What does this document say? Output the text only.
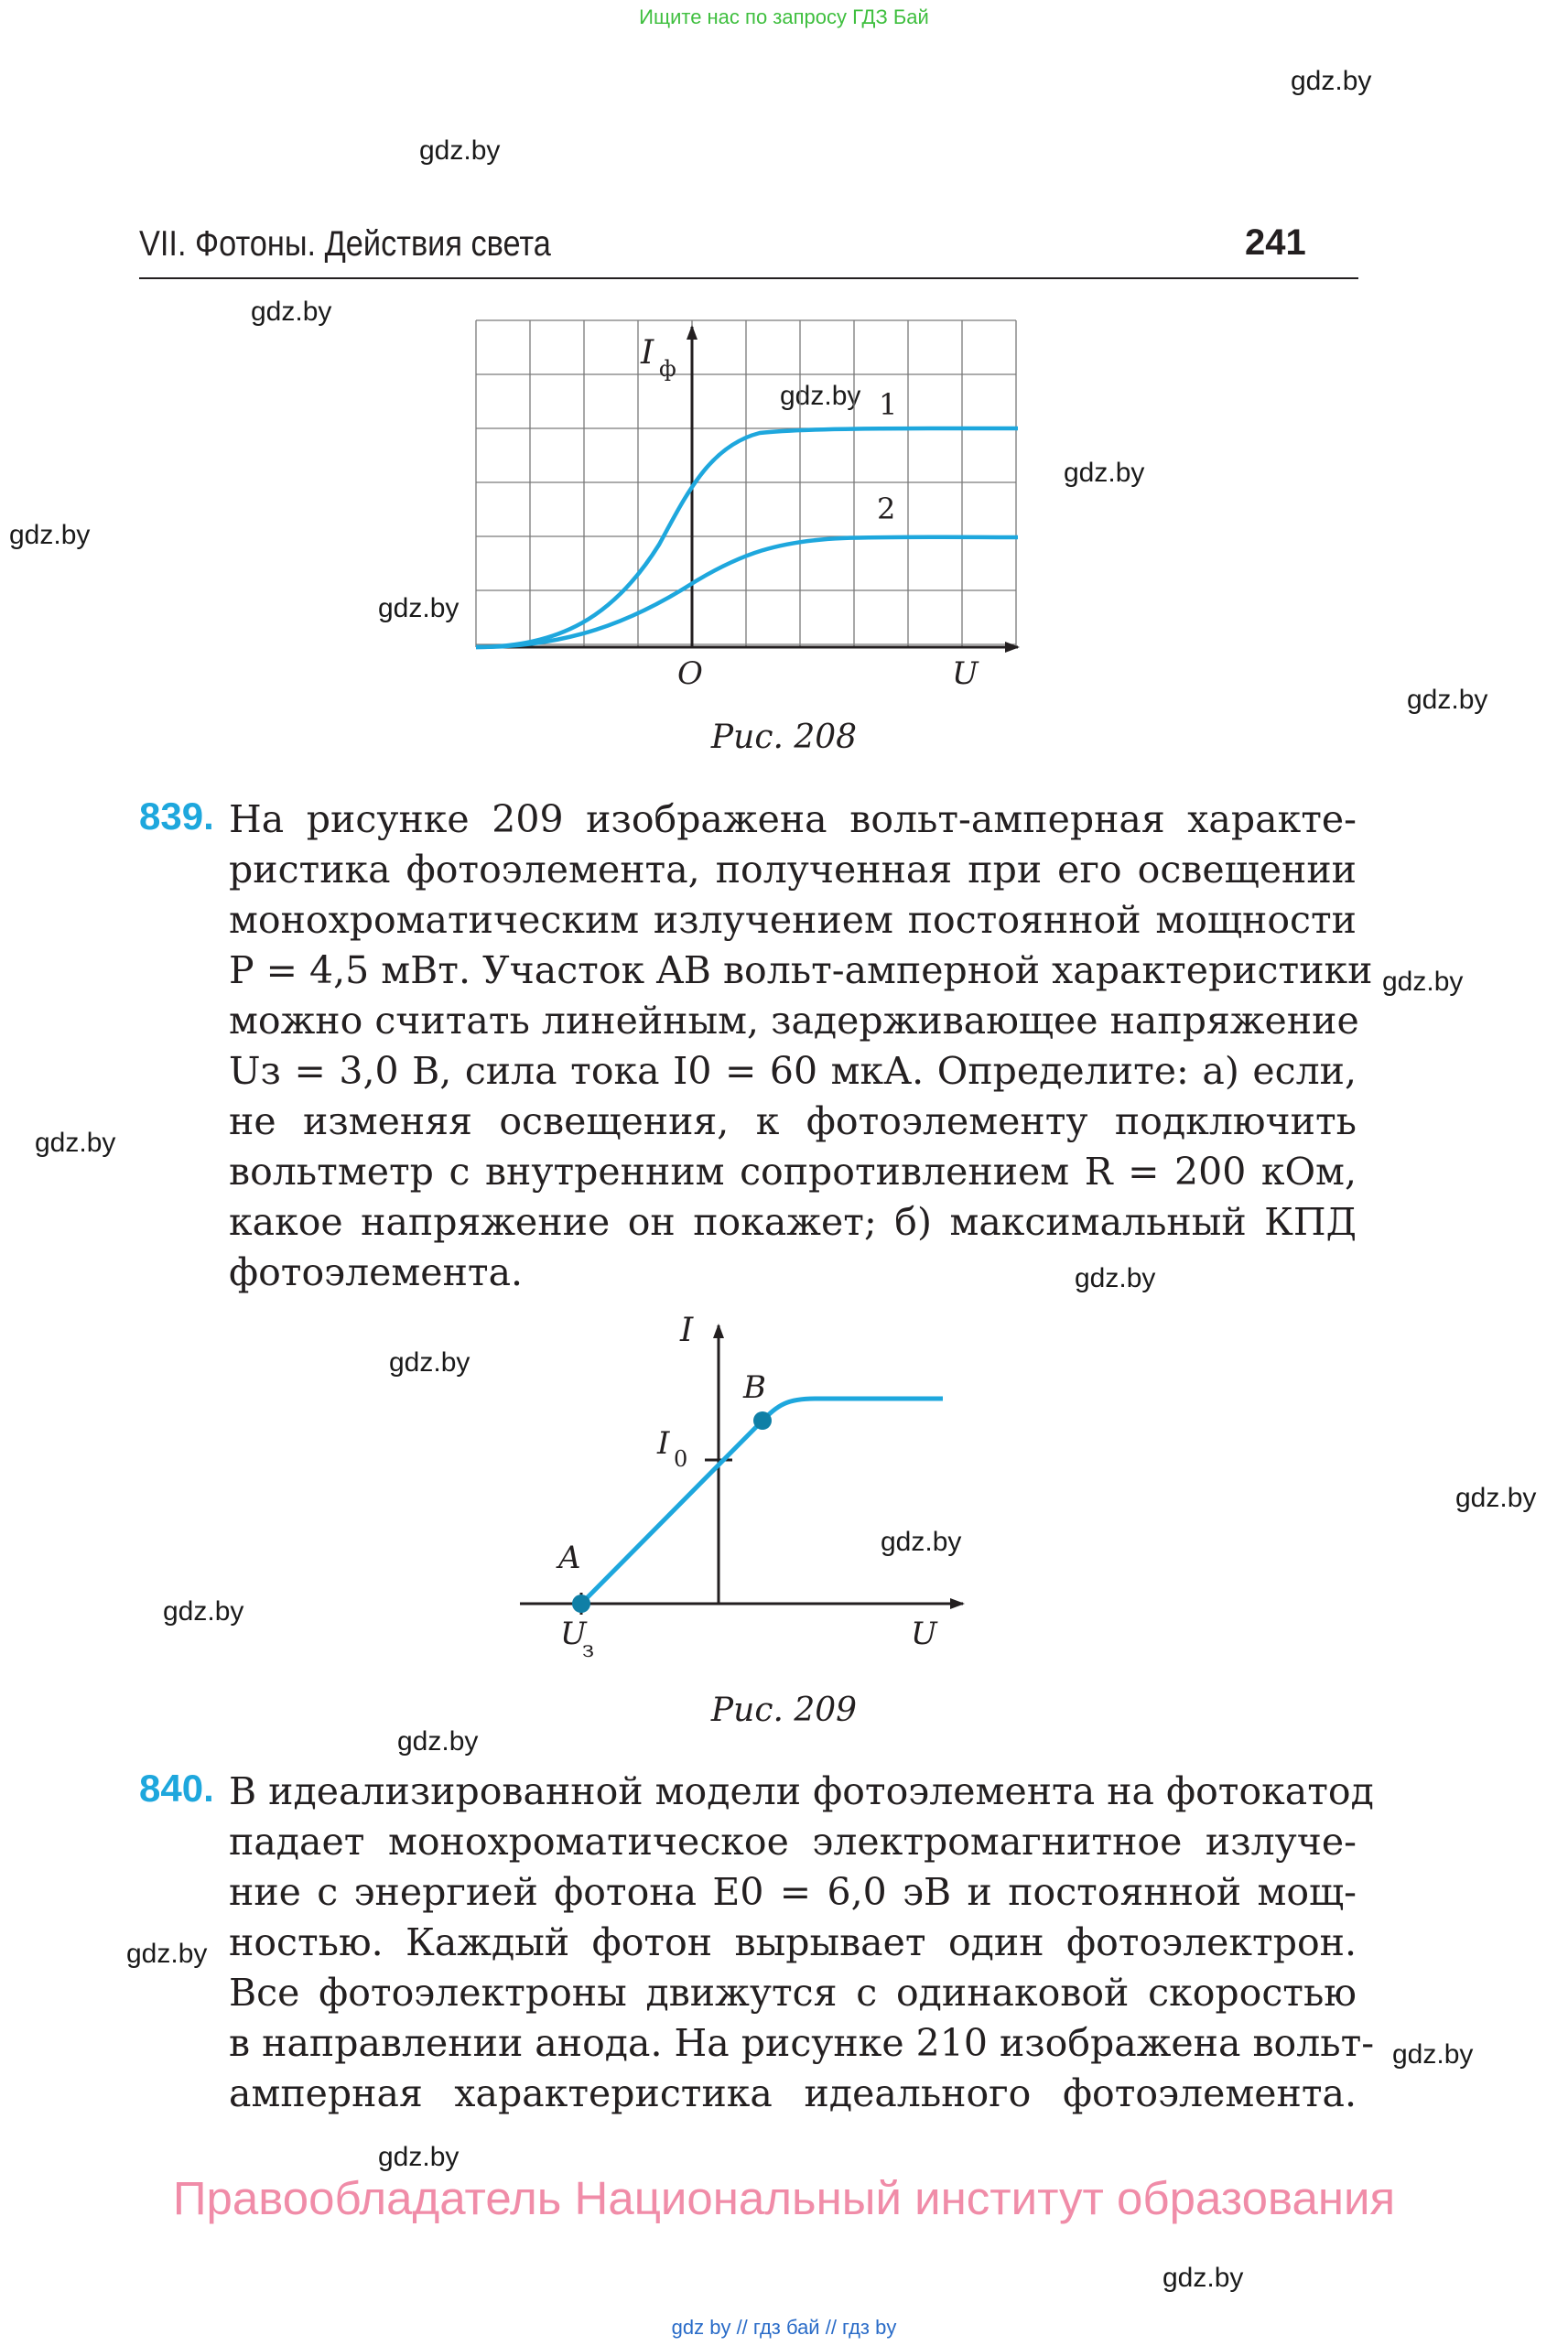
Ищите нас по запросу ГДЗ Бай
gdz.by
gdz.by
gdz.by
gdz.by
gdz.by
gdz.by
gdz.by
gdz.by
gdz.by
gdz.by
gdz.by
gdz.by
gdz.by
gdz.by
gdz.by
gdz.by
gdz.by
gdz.by
gdz.by
gdz.by
VII. Фотоны. Действия света	241
I ф
1
2
O	U
Рис. 208
839. На рисунке 209 изображена вольт-амперная характе-
ристика фотоэлемента, полученная при его освещении
монохроматическим излучением постоянной мощности
P = 4,5 мВт. Участок AB вольт-амперной характеристики
можно считать линейным, задерживающее напряжение
Uз = 3,0 В, сила тока I0 = 60 мкА. Определите: а) если,
не изменяя освещения, к фотоэлементу подключить
вольтметр с внутренним сопротивлением R = 200 кОм,
какое напряжение он покажет; б) максимальный КПД
фотоэлемента.
I
B
I 0
A
U
з	U
Рис. 209
840. В идеализированной модели фотоэлемента на фотокатод
падает монохроматическое электромагнитное излуче-
ние с энергией фотона E0 = 6,0 эВ и постоянной мощ-
ностью. Каждый фотон вырывает один фотоэлектрон.
Все фотоэлектроны движутся с одинаковой скоростью
в направлении анода. На рисунке 210 изображена вольт-
амперная характеристика идеального фотоэлемента.
Правообладатель Национальный институт образования
gdz by // гдз бай // гдз by
